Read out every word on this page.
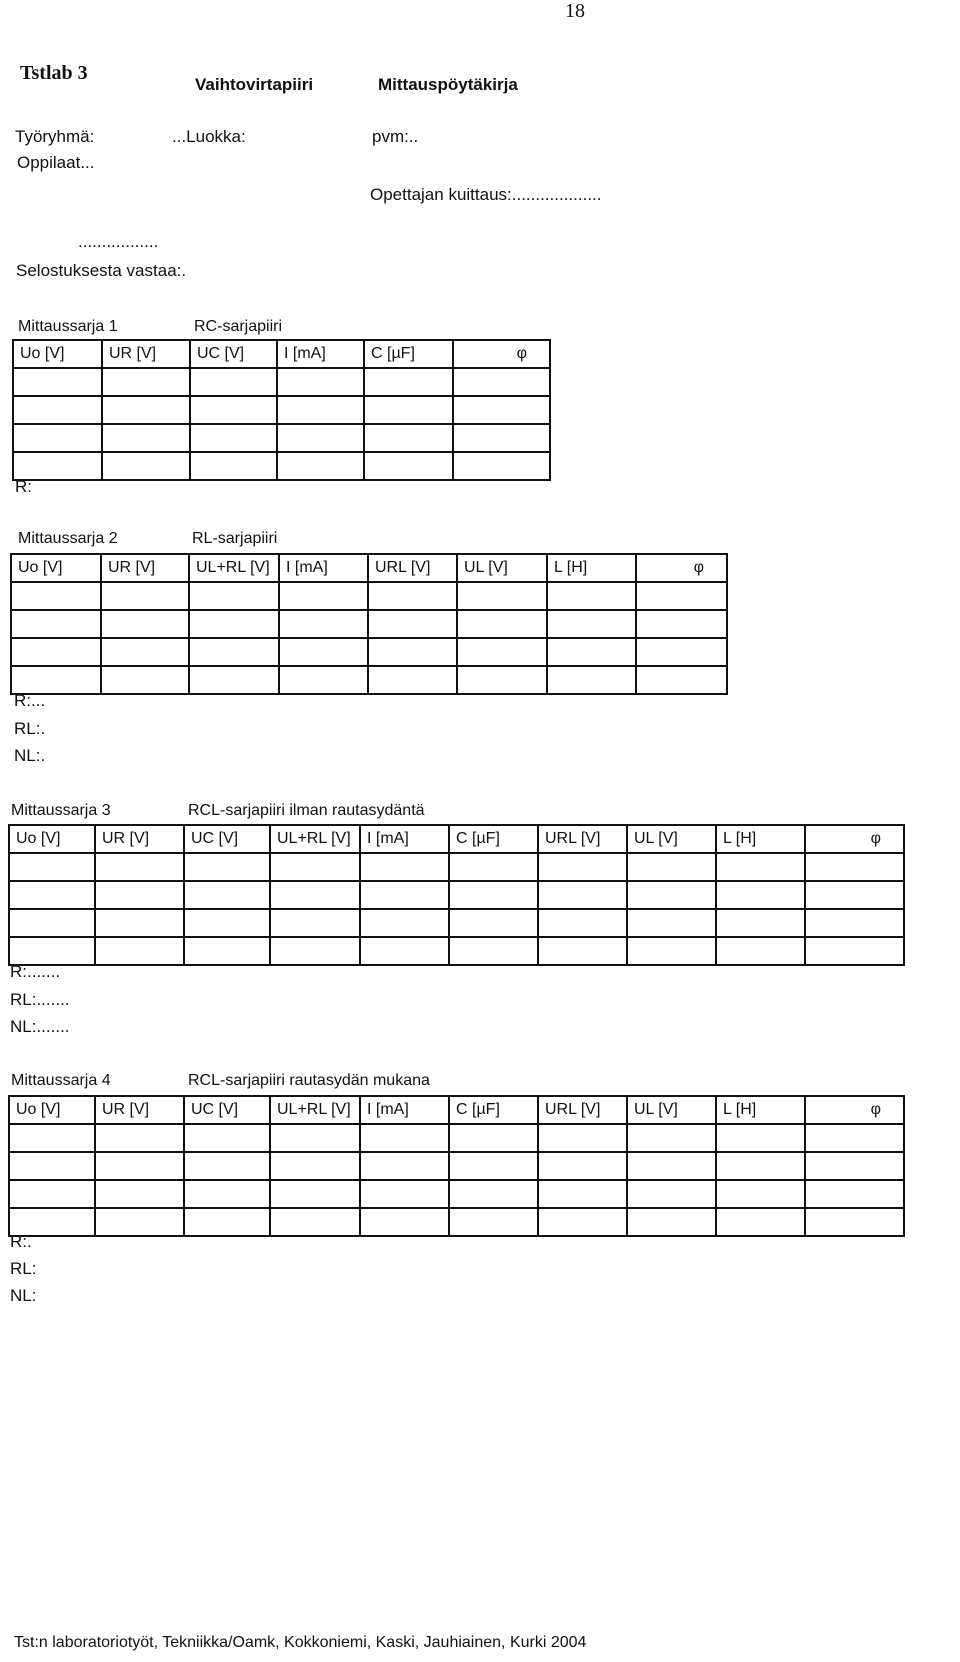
18
Tstlab 3
Vaihtovirtapiiri	Mittauspöytäkirja
Työryhmä:	...Luokka:	pvm:..
Oppilaat...
Opettajan kuittaus:...................
.................
Selostuksesta vastaa:.
Mittaussarja 1	RC-sarjapiiri
Uo [V]	UR [V]	UC [V]	I [mA]	C [µF]	φ

R:
Mittaussarja 2	RL-sarjapiiri
Uo [V]	UR [V]	UL+RL [V]	I [mA]	URL [V]	UL [V]	L [H]	φ

R:...
RL:.
NL:.
Mittaussarja 3	RCL-sarjapiiri ilman rautasydäntä
Uo [V]	UR [V]	UC [V]	UL+RL [V]	I [mA]	C [µF]	URL [V]	UL [V]	L [H]	φ

R:.......
RL:.......
NL:.......
Mittaussarja 4	RCL-sarjapiiri rautasydän mukana
Uo [V]	UR [V]	UC [V]	UL+RL [V]	I [mA]	C [µF]	URL [V]	UL [V]	L [H]	φ

R:.
RL:
NL:
Tst:n laboratoriotyöt, Tekniikka/Oamk, Kokkoniemi, Kaski, Jauhiainen, Kurki 2004
